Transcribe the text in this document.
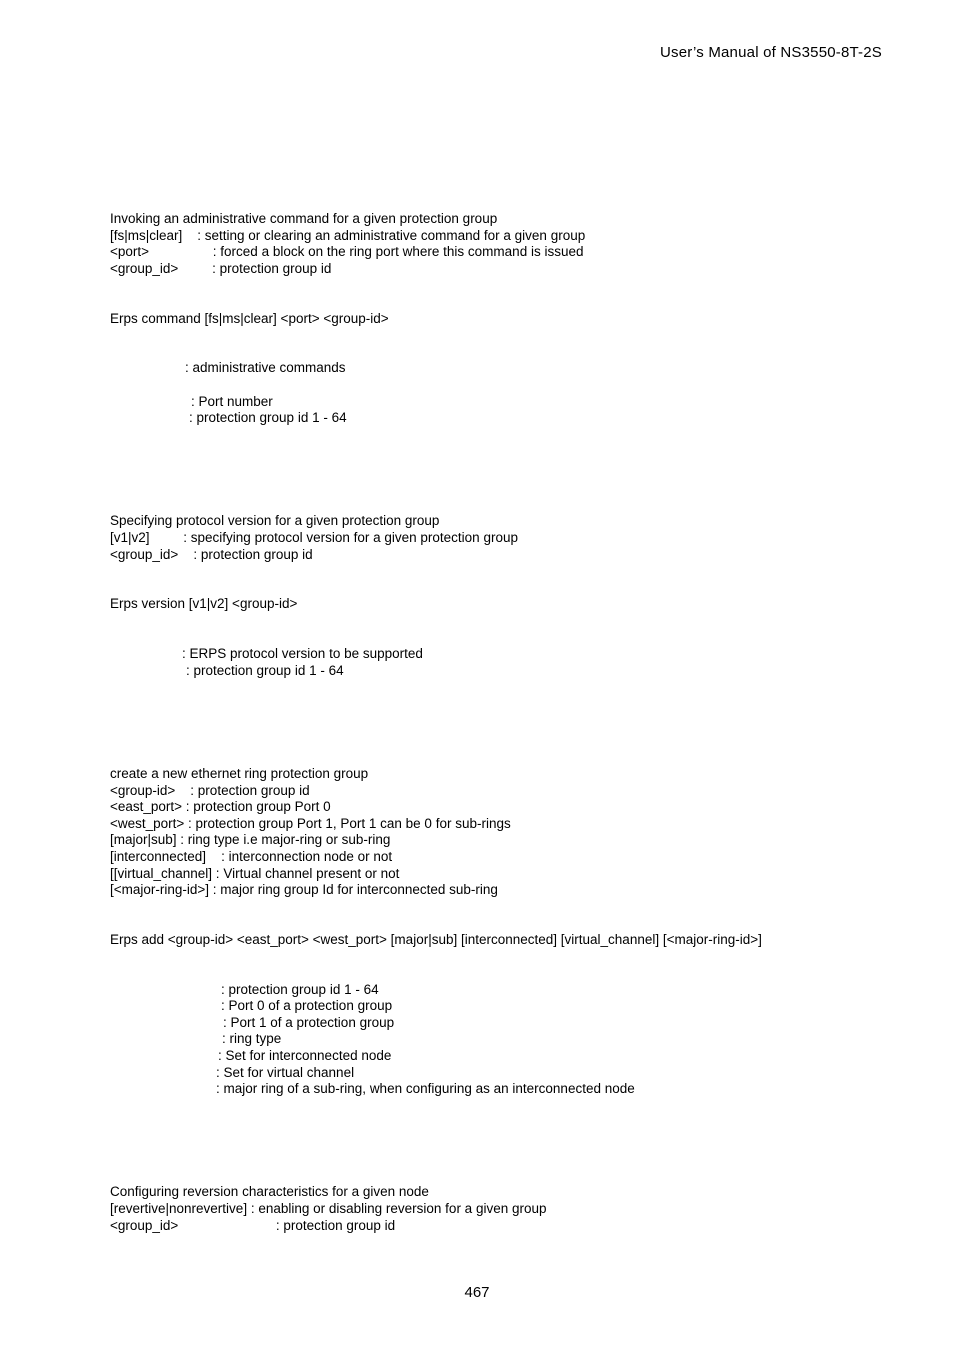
User’s Manual of NS3550-8T-2S
Invoking an administrative command for a given protection group
[fs|ms|clear]    : setting or clearing an administrative command for a given group
<port>                 : forced a block on the ring port where this command is issued
<group_id>         : protection group id
Erps command [fs|ms|clear] <port> <group-id>
: administrative commands
: Port number
: protection group id 1 - 64
Specifying protocol version for a given protection group
[v1|v2]         : specifying protocol version for a given protection group
<group_id>    : protection group id
Erps version [v1|v2] <group-id>
: ERPS protocol version to be supported
: protection group id 1 - 64
create a new ethernet ring protection group
<group-id>    : protection group id
<east_port> : protection group Port 0
<west_port> : protection group Port 1, Port 1 can be 0 for sub-rings
[major|sub] : ring type i.e major-ring or sub-ring
[interconnected]    : interconnection node or not
[[virtual_channel] : Virtual channel present or not
[<major-ring-id>] : major ring group Id for interconnected sub-ring
Erps add <group-id> <east_port> <west_port> [major|sub] [interconnected] [virtual_channel] [<major-ring-id>]
: protection group id 1 - 64
: Port 0 of a protection group
: Port 1 of a protection group
: ring type
: Set for interconnected node
: Set for virtual channel
: major ring of a sub-ring, when configuring as an interconnected node
Configuring reversion characteristics for a given node
[revertive|nonrevertive] : enabling or disabling reversion for a given group
<group_id>                          : protection group id
467
